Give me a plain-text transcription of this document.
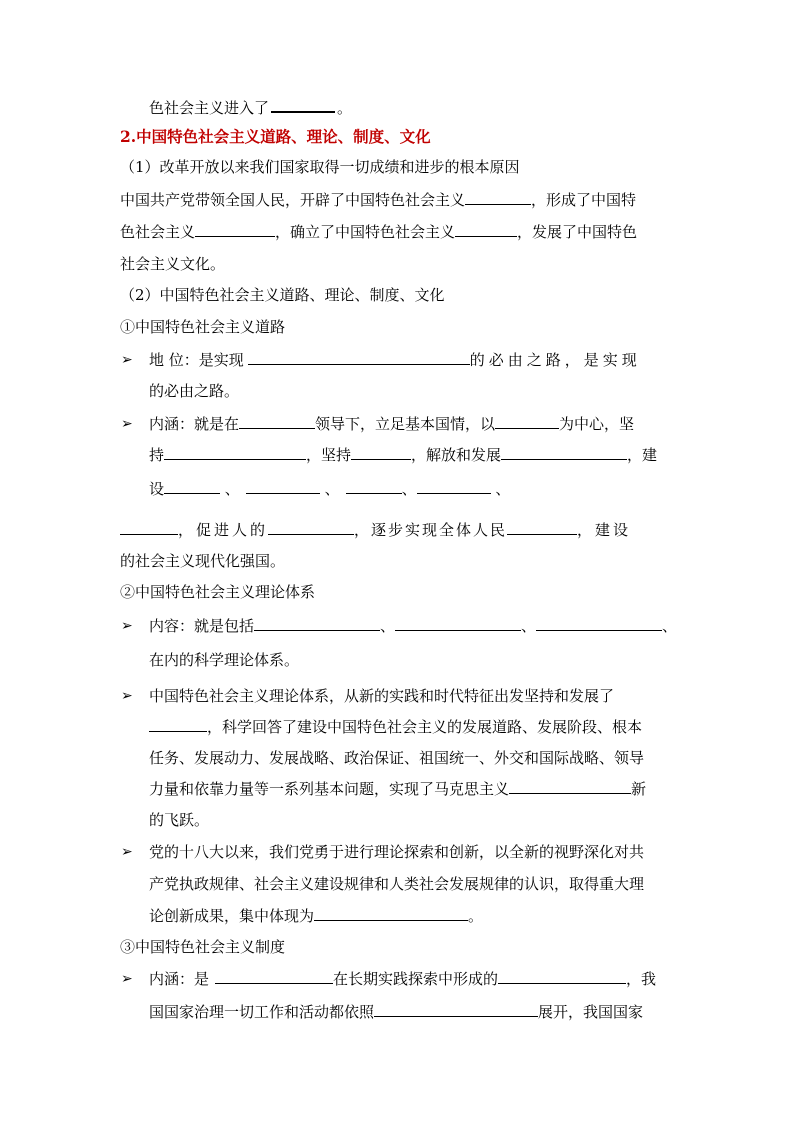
色社会主义进入了	。
2.中国特色社会主义道路、理论、制度、文化
（1）改革开放以来我们国家取得一切成绩和进步的根本原因
中国共产党带领全国人民，开辟了中国特色社会主义	，形成了中国特
色社会主义	，确立了中国特色社会主义	，发展了中国特色
社会主义文化。
（2）中国特色社会主义道路、理论、制度、文化
①中国特色社会主义道路
➢ 地 位：是实现	的必由之路，是实现
的必由之路。
➢ 内涵：就是在	领导下，立足基本国情，以	为中心，坚
持	，坚持	，解放和发展	，建
设	、	、	、	、
，促进人的	，逐步实现全体人民	，建设
的社会主义现代化强国。
②中国特色社会主义理论体系
➢ 内容：就是包括	、	、	、
在内的科学理论体系。
➢ 中国特色社会主义理论体系，从新的实践和时代特征出发坚持和发展了
，科学回答了建设中国特色社会主义的发展道路、发展阶段、根本
任务、发展动力、发展战略、政治保证、祖国统一、外交和国际战略、领导
力量和依靠力量等一系列基本问题，实现了马克思主义	新
的飞跃。
➢ 党的十八大以来，我们党勇于进行理论探索和创新，以全新的视野深化对共
产党执政规律、社会主义建设规律和人类社会发展规律的认识，取得重大理
论创新成果，集中体现为	。
③中国特色社会主义制度
➢ 内涵：是	在长期实践探索中形成的	，我
国国家治理一切工作和活动都依照	展开，我国国家
